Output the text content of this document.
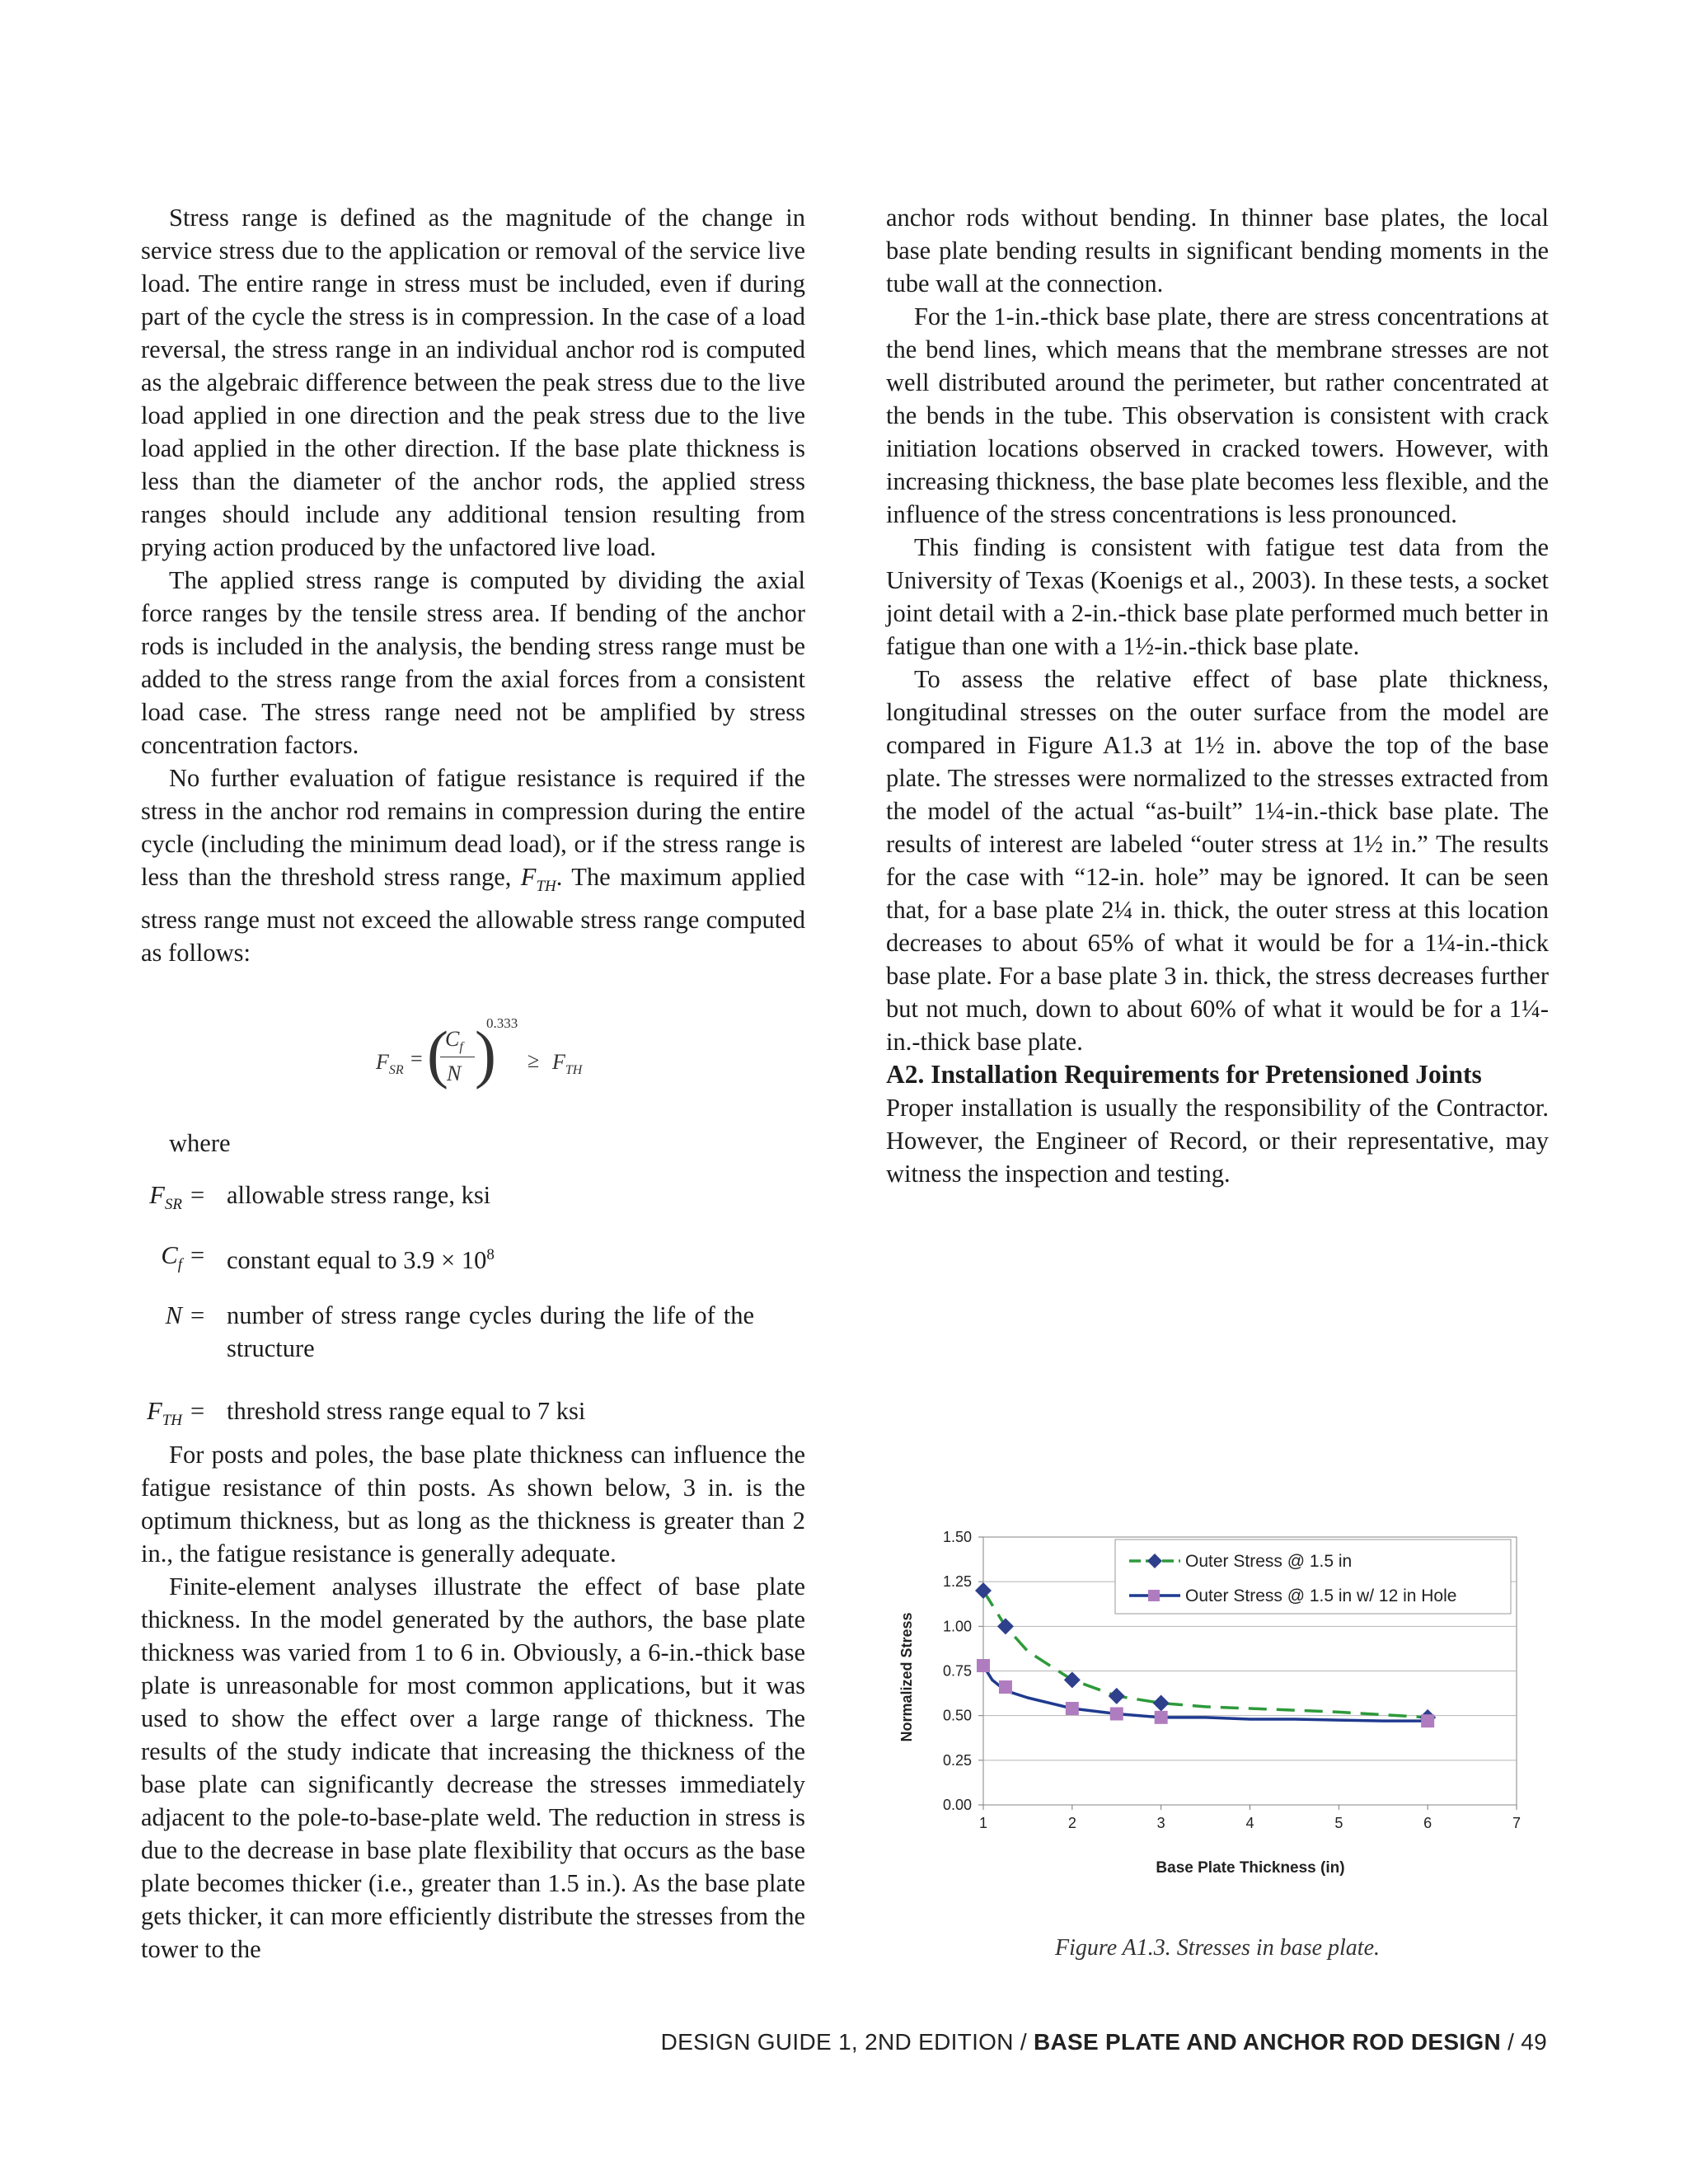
Stress range is defined as the magnitude of the change in service stress due to the application or removal of the service live load. The entire range in stress must be included, even if during part of the cycle the stress is in compression. In the case of a load reversal, the stress range in an individual anchor rod is computed as the algebraic difference between the peak stress due to the live load applied in one direction and the peak stress due to the live load applied in the other direction. If the base plate thickness is less than the diameter of the anchor rods, the applied stress ranges should include any additional tension resulting from prying action produced by the unfactored live load.

The applied stress range is computed by dividing the axial force ranges by the tensile stress area. If bending of the anchor rods is included in the analysis, the bending stress range must be added to the stress range from the axial forces from a consistent load case. The stress range need not be amplified by stress concentration factors.

No further evaluation of fatigue resistance is required if the stress in the anchor rod remains in compression during the entire cycle (including the minimum dead load), or if the stress range is less than the threshold stress range, $F_{TH}$. The maximum applied stress range must not exceed the allowable stress range computed as follows:

$F_{SR}$ = (
$C_f$
N )
0.333
≥ $F_{TH}$
where
$F_{SR}$ = allowable stress range, ksi
$C_f$ = constant equal to $3.9 \times 10^8$
N = number of stress range cycles during the life of the structure
$F_{TH}$ = threshold stress range equal to 7 ksi

For posts and poles, the base plate thickness can influence the fatigue resistance of thin posts. As shown below, 3 in. is the optimum thickness, but as long as the thickness is greater than 2 in., the fatigue resistance is generally adequate.

Finite-element analyses illustrate the effect of base plate thickness. In the model generated by the authors, the base plate thickness was varied from 1 to 6 in. Obviously, a 6-in.-thick base plate is unreasonable for most common applications, but it was used to show the effect over a large range of thickness. The results of the study indicate that increasing the thickness of the base plate can significantly decrease the stresses immediately adjacent to the pole-to-base-plate weld. The reduction in stress is due to the decrease in base plate flexibility that occurs as the base plate becomes thicker (i.e., greater than 1.5 in.). As the base plate gets thicker, it can more efficiently distribute the stresses from the tower to the

anchor rods without bending. In thinner base plates, the local base plate bending results in significant bending moments in the tube wall at the connection.

For the 1-in.-thick base plate, there are stress concentrations at the bend lines, which means that the membrane stresses are not well distributed around the perimeter, but rather concentrated at the bends in the tube. This observation is consistent with crack initiation locations observed in cracked towers. However, with increasing thickness, the base plate becomes less flexible, and the influence of the stress concentrations is less pronounced.

This finding is consistent with fatigue test data from the University of Texas (Koenigs et al., 2003). In these tests, a socket joint detail with a 2-in.-thick base plate performed much better in fatigue than one with a 1½-in.-thick base plate.

To assess the relative effect of base plate thickness, longitudinal stresses on the outer surface from the model are compared in Figure A1.3 at 1½ in. above the top of the base plate. The stresses were normalized to the stresses extracted from the model of the actual “as-built” 1¼-in.-thick base plate. The results of interest are labeled “outer stress at 1½ in.” The results for the case with “12-in. hole” may be ignored. It can be seen that, for a base plate 2¼ in. thick, the outer stress at this location decreases to about 65% of what it would be for a 1¼-in.-thick base plate. For a base plate 3 in. thick, the stress decreases further but not much, down to about 60% of what it would be for a 1¼-in.-thick base plate.

A2. Installation Requirements for Pretensioned Joints

Proper installation is usually the responsibility of the Contractor. However, the Engineer of Record, or their representative, may witness the inspection and testing.

0.00
0.25
0.50
0.75
1.00
1.25
1.50
1	2	3	4	5	6	7
Outer Stress @ 1.5 in
Outer Stress @ 1.5 in w/ 12 in Hole
Normalized Stress
Base Plate Thickness (in)
Figure A1.3. Stresses in base plate.
DESIGN GUIDE 1, 2ND EDITION / BASE PLATE AND ANCHOR ROD DESIGN / 49
